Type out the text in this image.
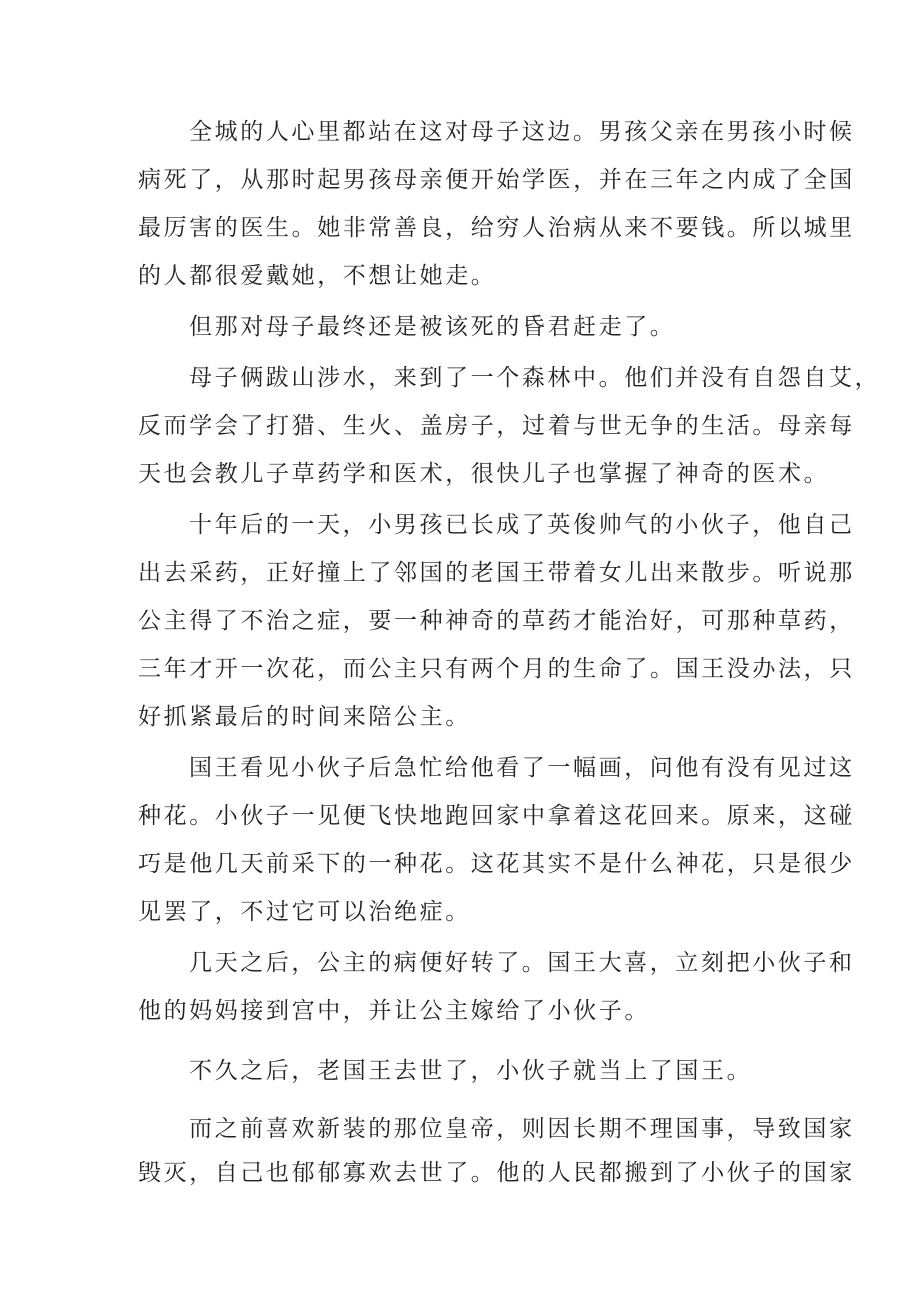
全城的人心里都站在这对母子这边。男孩父亲在男孩小时候
病死了，从那时起男孩母亲便开始学医，并在三年之内成了全国
最厉害的医生。她非常善良，给穷人治病从来不要钱。所以城里
的人都很爱戴她，不想让她走。

但那对母子最终还是被该死的昏君赶走了。

母子俩跋山涉水，来到了一个森林中。他们并没有自怨自艾，
反而学会了打猎、生火、盖房子，过着与世无争的生活。母亲每
天也会教儿子草药学和医术，很快儿子也掌握了神奇的医术。

十年后的一天，小男孩已长成了英俊帅气的小伙子，他自己
出去采药，正好撞上了邻国的老国王带着女儿出来散步。听说那
公主得了不治之症，要一种神奇的草药才能治好，可那种草药，
三年才开一次花，而公主只有两个月的生命了。国王没办法，只
好抓紧最后的时间来陪公主。

国王看见小伙子后急忙给他看了一幅画，问他有没有见过这
种花。小伙子一见便飞快地跑回家中拿着这花回来。原来，这碰
巧是他几天前采下的一种花。这花其实不是什么神花，只是很少
见罢了，不过它可以治绝症。

几天之后，公主的病便好转了。国王大喜，立刻把小伙子和
他的妈妈接到宫中，并让公主嫁给了小伙子。

不久之后，老国王去世了，小伙子就当上了国王。

而之前喜欢新装的那位皇帝，则因长期不理国事，导致国家
毁灭，自己也郁郁寡欢去世了。他的人民都搬到了小伙子的国家
